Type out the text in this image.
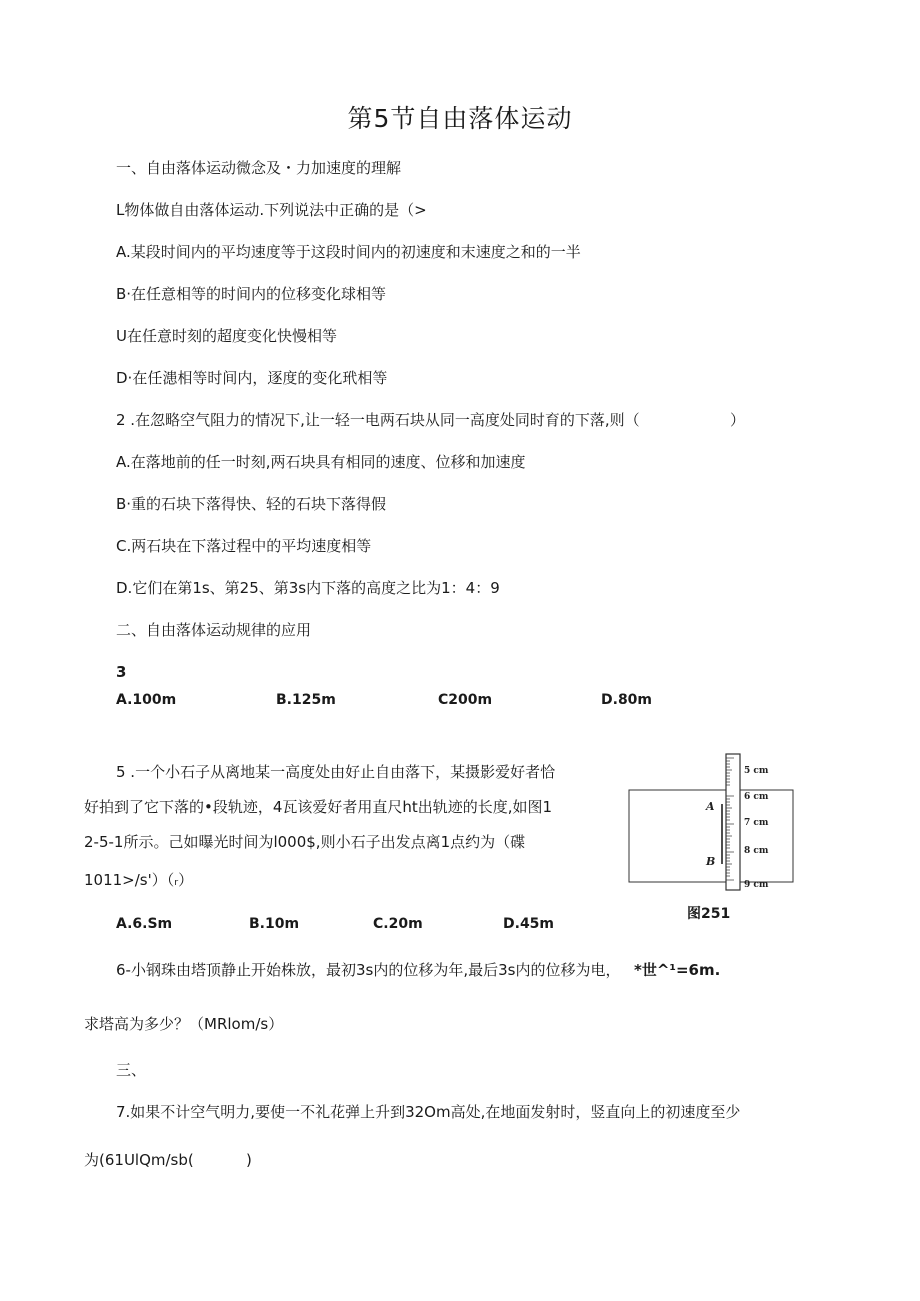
第5节自由落体运动
一、自由落体运动微念及・力加速度的理解
L物体做自由落体运动.下列说法中正确的是（>
A.某段时间内的平均速度等于这段时间内的初速度和末速度之和的一半
B·在任意相等的时间内的位移变化球相等
U在任意时刻的超度变化快慢相等
D·在任漶相等时间内，逐度的变化玳相等
2 .在忽略空气阻力的情况下,让一轻一电两石块从同一高度处同时育的下落,则（	）
A.在落地前的任一时刻,两石块具有相同的速度、位移和加速度
B·重的石块下落得快、轻的石块下落得假
C.两石块在下落过程中的平均速度相等
D.它们在第1s、第25、第3s内下落的高度之比为1：4：9
二、自由落体运动规律的应用
3
A.100m	B.125m	C200m	D.80m
5 .一个小石子从离地某一高度处由好止自由落下，某摄影爱好者恰
好拍到了它下落的•段轨迹，4瓦该爱好者用直尺ht出轨迹的长度,如图1
2-5-1所示。己如曝光时间为l000$,则小石子出发点离1点约为（碟
1011>/s'）（ᵣ）
A.6.Sm	B.10m	C.20m	D.45m
A
B
5 cm
6 cm
7 cm
8 cm
9 cm
图251
6-小钢珠由塔顶静止开始株放，最初3s内的位移为年,最后3s内的位移为电， *世^¹=6m.
求塔高为多少？（MRlom/s）
三、
7.如果不计空气明力,要使一不礼花弹上升到32Om高处,在地面发射时，竖直向上的初速度至少
为(61UlQm/sb(	)
